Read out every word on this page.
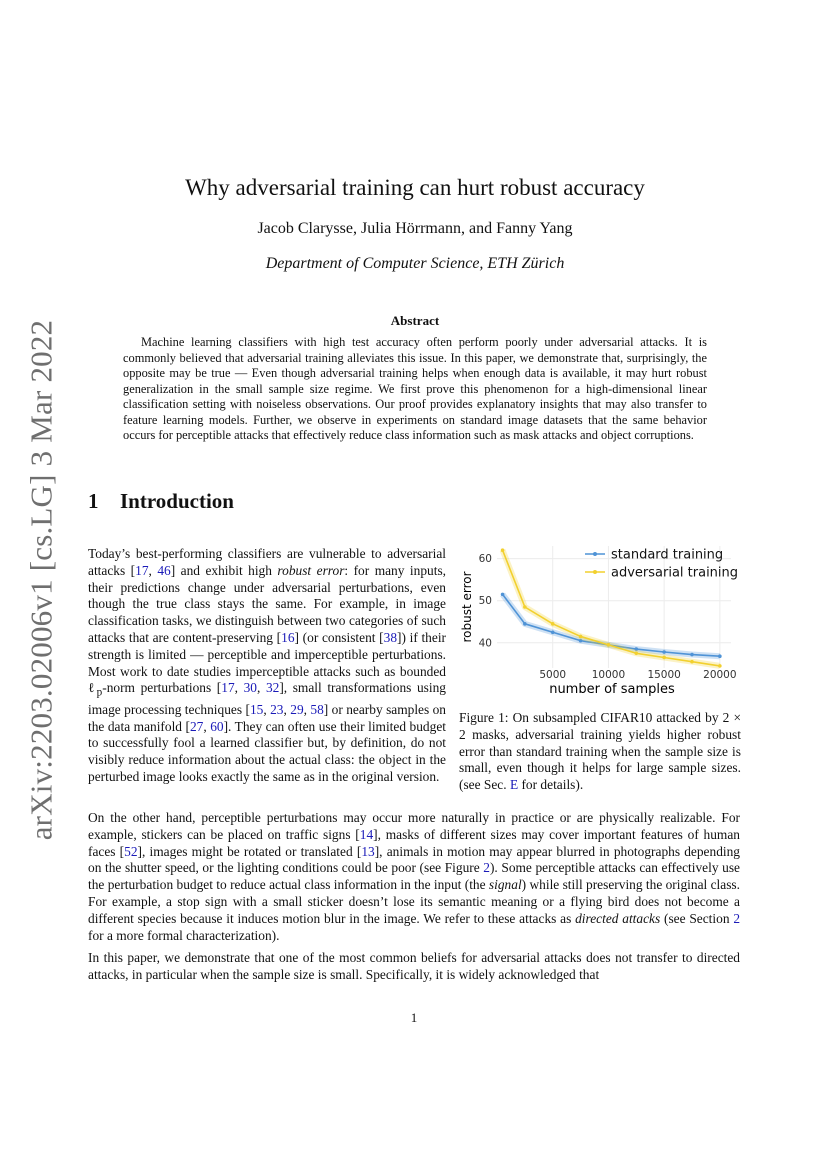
arXiv:2203.02006v1 [cs.LG] 3 Mar 2022
Why adversarial training can hurt robust accuracy
Jacob Clarysse, Julia Hörrmann, and Fanny Yang
Department of Computer Science, ETH Zürich
Abstract
Machine learning classifiers with high test accuracy often perform poorly under adversarial attacks. It is commonly believed that adversarial training alleviates this issue. In this paper, we demonstrate that, surprisingly, the opposite may be true — Even though adversarial training helps when enough data is available, it may hurt robust generalization in the small sample size regime. We first prove this phenomenon for a high-dimensional linear classification setting with noiseless observations. Our proof provides explanatory insights that may also transfer to feature learning models. Further, we observe in experiments on standard image datasets that the same behavior occurs for perceptible attacks that effectively reduce class information such as mask attacks and object corruptions.
1 Introduction
Today’s best-performing classifiers are vulnerable to adversarial attacks [17, 46] and exhibit high robust error: for many inputs, their predictions change under adversarial perturbations, even though the true class stays the same. For example, in image classification tasks, we distinguish between two categories of such attacks that are content-preserving [16] (or consistent [38]) if their strength is limited — perceptible and imperceptible perturbations. Most work to date studies imperceptible attacks such as bounded ℓ$_p$-norm perturbations [17, 30, 32], small transformations using image processing techniques [15, 23, 29, 58] or nearby samples on the data manifold [27, 60]. They can often use their limited budget to successfully fool a learned classifier but, by definition, do not visibly reduce information about the actual class: the object in the perturbed image looks exactly the same as in the original version.
5000 10000 15000 20000
40
50
60
robust error
number of samples
standard training
adversarial training
Figure 1: On subsampled CIFAR10 attacked by 2 × 2 masks, adversarial training yields higher robust error than standard training when the sample size is small, even though it helps for large sample sizes. (see Sec. E for details).
On the other hand, perceptible perturbations may occur more naturally in practice or are physically realizable. For example, stickers can be placed on traffic signs [14], masks of different sizes may cover important features of human faces [52], images might be rotated or translated [13], animals in motion may appear blurred in photographs depending on the shutter speed, or the lighting conditions could be poor (see Figure 2). Some perceptible attacks can effectively use the perturbation budget to reduce actual class information in the input (the signal) while still preserving the original class. For example, a stop sign with a small sticker doesn’t lose its semantic meaning or a flying bird does not become a different species because it induces motion blur in the image. We refer to these attacks as directed attacks (see Section 2 for a more formal characterization).
In this paper, we demonstrate that one of the most common beliefs for adversarial attacks does not transfer to directed attacks, in particular when the sample size is small. Specifically, it is widely acknowledged that
1
